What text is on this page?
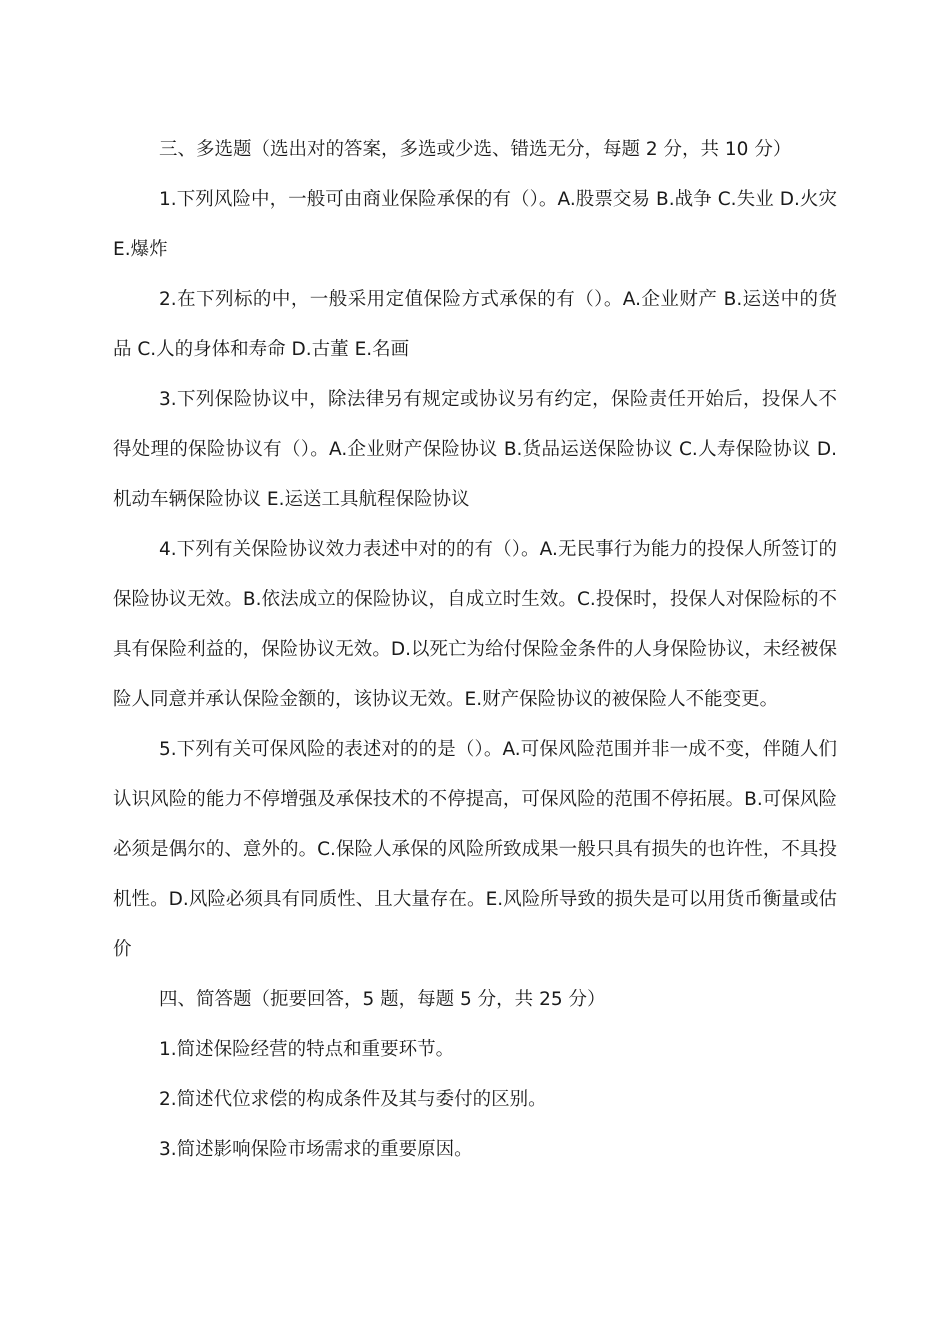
三、多选题（选出对的答案，多选或少选、错选无分，每题 2 分，共 10 分）

1.下列风险中，一般可由商业保险承保的有（）。A.股票交易 B.战争 C.失业 D.火灾 E.爆炸

2.在下列标的中，一般采用定值保险方式承保的有（）。A.企业财产 B.运送中的货品 C.人的身体和寿命 D.古董 E.名画

3.下列保险协议中，除法律另有规定或协议另有约定，保险责任开始后，投保人不得处理的保险协议有（）。A.企业财产保险协议 B.货品运送保险协议 C.人寿保险协议 D.机动车辆保险协议 E.运送工具航程保险协议

4.下列有关保险协议效力表述中对的的有（）。A.无民事行为能力的投保人所签订的保险协议无效。B.依法成立的保险协议，自成立时生效。C.投保时，投保人对保险标的不具有保险利益的，保险协议无效。D.以死亡为给付保险金条件的人身保险协议，未经被保险人同意并承认保险金额的，该协议无效。E.财产保险协议的被保险人不能变更。

5.下列有关可保风险的表述对的的是（）。A.可保风险范围并非一成不变，伴随人们认识风险的能力不停增强及承保技术的不停提高，可保风险的范围不停拓展。B.可保风险必须是偶尔的、意外的。C.保险人承保的风险所致成果一般只具有损失的也许性，不具投机性。D.风险必须具有同质性、且大量存在。E.风险所导致的损失是可以用货币衡量或估价

四、简答题（扼要回答，5 题，每题 5 分，共 25 分）

1.简述保险经营的特点和重要环节。

2.简述代位求偿的构成条件及其与委付的区别。

3.简述影响保险市场需求的重要原因。
